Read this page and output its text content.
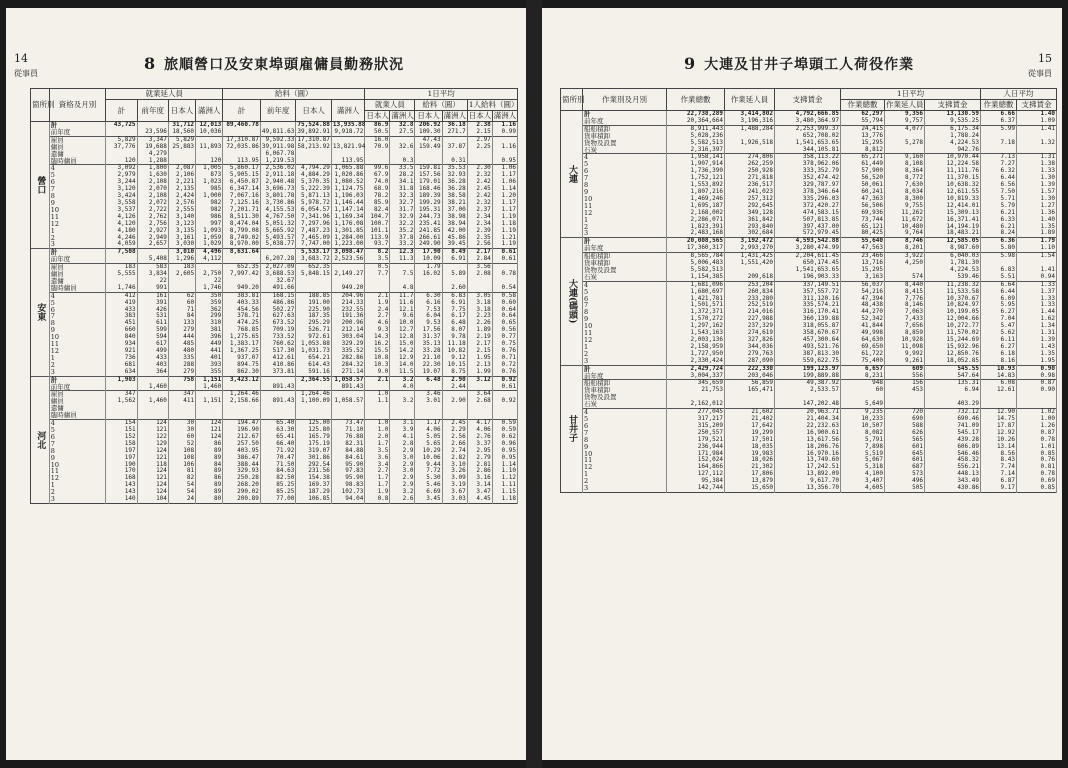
14
從事員
8 旅順營口及安東埠頭雇傭員勤務狀況
箇所別	資格及月別	就業延人員				給料（圓）				1日平均					
		計	前年度	日本人	滿洲人	計	前年度	日本人	滿洲人	就業人員		給料（圓）		1人給料（圓）	
										日本人	滿洲人	日本人	滿洲人	日本人	滿洲人
營口	計	43,725		31,712	12,013	89,460.78		75,524.88	13,935.88	86.9	32.8	206.92	36.18	2.38	1.16
	前年度		23,596	18,560	10,036		49,811.63	39,892.91	9,918.72	50.5	27.5	109.30	271.7	2.15	0.99
	雇員	5,829	3,347	5,829		17,310.87	9,592.33	17,310.87		16.0		47.43		2.97	
	傭員	37,776	19,688	25,883	11,893	72,035.86	39,911.98	58,213.92	13,821.94	70.9	32.6	159.49	37.87	2.25	1.16
	遣傭		4,279				6,067.78								
	臨時傭員	120	1,288		120	113.95	1,219.53		113.95		0.3		0.31		0.95
	4	3,092	1,800	2,087	1,005	5,860.17	2,536.02	4,794.29	1,065.88	99.6	33.5	159.81	35.53	2.30	1.06
	5	2,979	1,630	2,106	873	5,905.15	2,911.18	4,884.29	1,020.86	67.9	28.2	157.56	32.93	2.32	1.17
	6	3,244	2,108	2,221	1,023	6,450.87	2,940.48	5,370.35	1,080.52	74.0	34.1	179.01	36.28	2.42	1.06
	7	3,120	2,070	2,135	985	6,347.14	3,696.73	5,222.39	1,124.75	68.9	31.8	168.46	36.28	2.45	1.14
	8	3,424	2,108	2,424	1,000	7,067.16	3,801.78	5,871.13	1,196.03	78.2	32.3	189.39	38.58	2.42	1.20
	9	3,558	2,072	2,576	982	7,125.16	3,730.86	5,978.72	1,146.44	85.9	32.7	199.29	38.21	2.32	1.17
	10	3,537	2,722	2,555	982	7,201.71	4,155.53	6,054.57	1,147.14	82.4	31.7	195.31	37.00	2.37	1.17
	11	4,126	2,762	3,140	986	8,511.30	4,767.50	7,341.96	1,169.34	104.7	32.9	244.73	38.98	2.34	1.19
	12	4,120	2,756	3,123	997	8,474.04	5,051.32	7,297.96	1,176.08	100.7	32.2	235.41	38.94	2.34	1.18
	1	4,180	2,927	3,135	1,093	8,799.08	5,665.92	7,487.23	1,301.85	101.1	35.2	241.85	42.00	2.39	1.19
	2	4,246	2,949	3,161	1,059	8,749.02	5,493.57	7,465.09	1,284.00	113.9	37.8	266.61	45.86	2.35	1.21
	3	4,059	2,657	3,030	1,029	8,970.00	5,038.77	7,747.00	1,223.00	93.7	33.2	249.90	39.45	2.56	1.19
安東	計	7,508		3,010	4,496	8,631.64		5,533.17	3,098.47	8.2	12.3	17.90	8.49	2.17	0.61
	前年度		5,408	1,296	4,112		6,207.28	3,683.72	2,523.56	3.5	11.3	10.09	6.91	2.84	0.61
	雇員	183	583	183		652.35	2,027.09	652.35		0.5		1.79		3.56	
	傭員	5,555	3,834	2,605	2,750	7,997.42	3,688.53	5,848.15	2,149.27	7.7	7.5	16.02	5.89	2.08	0.78
	遣傭		22		22		32.67								
	臨時傭員	1,746	991		1,746	949.20	491.66		949.20		4.8		2.60		0.54
	4	412	161	62	350	383.81	168.15	188.85	204.96	2.1	11.7	6.30	6.83	3.05	0.58
	5	419	391	60	359	403.33	486.86	191.00	214.33	1.9	11.6	6.16	6.91	3.18	0.60
	6	433	426	71	362	454.56	502.27	225.90	232.55	2.4	12.1	7.53	7.75	3.18	0.64
	7	383	531	84	299	378.71	627.63	187.35	191.36	2.7	9.6	6.04	6.17	2.23	0.64
	8	451	611	133	310	474.25	673.52	295.29	200.96	4.6	10.0	9.53	6.48	2.26	0.65
	9	660	599	279	381	768.85	709.19	526.71	212.14	9.3	12.7	17.56	8.07	1.89	0.56
	10	840	594	444	396	1,275.65	733.52	972.61	303.04	14.3	12.8	31.37	9.78	2.19	0.77
	11	934	617	485	449	1,383.17	760.62	1,053.88	329.29	16.2	15.0	35.13	11.18	2.17	0.75
	12	921	499	480	441	1,367.25	517.30	1,031.73	335.52	15.5	14.2	33.28	10.82	2.15	0.76
	1	736	433	335	401	937.07	412.61	654.21	282.86	10.8	12.9	21.10	9.12	1.95	0.71
	2	681	403	288	393	894.75	410.86	614.43	284.32	10.3	14.0	22.30	10.15	2.13	0.72
	3	634	364	279	355	862.30	373.81	591.16	271.14	9.0	11.5	19.07	8.75	1.99	0.76
河北	計	1,903		758	1,151	3,423.12		2,364.55	1,058.57	2.1	3.2	6.48	2.90	3.12	0.92
	前年度		1,460		1,460		891.43		891.43		4.0		2.44		0.61
	雇員	347		347		1,264.46		1,264.46		1.0		3.46		3.64	
	傭員	1,562	1,460	411	1,151	2,158.66	891.43	1,100.09	1,058.57	1.1	3.2	3.01	2.90	2.68	0.92
	遣傭														
	臨時傭員														
	4	154	124	30	124	194.47	65.40	125.00	73.47	1.0	3.1	1.17	2.45	4.17	0.59
	5	151	121	30	121	196.90	63.30	125.80	71.10	1.0	3.9	4.06	2.29	4.06	0.59
	6	152	122	60	124	212.67	65.41	165.79	76.88	2.0	4.1	5.05	2.56	2.76	0.62
	7	158	129	52	86	257.50	66.40	175.19	82.31	1.7	2.8	5.65	2.66	3.37	0.96
	8	197	124	108	89	403.95	71.92	319.07	84.88	3.5	2.9	10.29	2.74	2.95	0.95
	9	197	121	108	89	386.47	70.47	301.86	84.61	3.6	3.0	10.06	2.82	2.79	0.95
	10	190	118	106	84	388.44	71.50	292.54	95.90	3.4	2.9	9.44	3.10	2.81	1.14
	11	170	124	81	89	329.93	84.63	231.56	97.83	2.7	3.0	7.72	3.26	2.86	1.10
	12	168	121	82	86	250.28	82.50	154.38	95.90	1.7	2.9	5.30	3.09	3.16	1.12
	1	143	124	54	89	268.20	85.25	169.37	98.83	1.7	2.9	5.46	3.19	3.14	1.11
	2	143	124	54	89	290.02	85.25	187.29	102.73	1.9	3.2	6.69	3.67	3.47	1.15
	3	140	104	24	80	200.89	77.00	106.85	94.04	0.8	2.6	3.45	3.03	4.45	1.18
15
從事員
9 大連及甘井子埠頭工人荷役作業
箇所別	作業別及月別	作業總數	作業延人員	支拂賃金	1日平均			人日平均	
					作業總數	作業延人員	支拂賃金	作業總數	支拂賃金
大連	計	22,738,289	3,414,802	4,792,666.85	62,297	9,356	13,130.59	6.66	1.40
	前年度	20,364,664	3,196,316	3,480,364.97	55,794	9,757	9,535.25	6.37	1.09
	船舶積卸	8,911,443	1,488,284	2,253,999.37	24,415	4,077	6,175.34	5.99	1.41
	貨車積卸	5,028,236		652,708.02	13,776		1,788.24		
	貨物及設置	5,582,513	1,926,518	1,541,653.65	15,295	5,278	4,224.53	7.18	1.32
	石炭	2,316,397		344,105.81	8,812		942.76		
	4	1,958,141	274,806	358,113.22	65,271	9,160	10,970.44	7.13	1.31
	5	1,907,914	262,259	378,962.06	61,449	8,108	12,224.58	7.27	1.38
	6	1,736,390	250,928	333,352.79	57,900	8,364	11,111.76	6.32	1.33
	7	1,752,121	271,818	352,474.42	56,520	8,772	11,370.15	6.44	1.30
	8	1,553,892	236,517	329,787.97	50,061	7,630	10,638.32	6.56	1.39
	9	1,807,216	241,023	378,346.64	60,241	8,034	12,611.55	7.50	1.57
	10	1,469,246	257,312	335,296.03	47,363	8,300	10,819.33	5.71	1.30
	11	1,695,187	292,645	372,420.27	56,506	9,755	12,414.01	5.79	1.27
	12	2,168,002	349,128	474,583.15	69,936	11,262	15,309.13	6.21	1.36
	1	2,286,071	361,842	507,813.85	73,744	11,672	16,371.41	6.33	1.40
	2	1,823,391	293,840	397,437.00	65,121	10,480	14,194.19	6.21	1.35
	3	2,483,168	302,684	572,979.45	80,425	9,764	18,483.21	8.24	1.89
大連(碼頭)	計	20,008,565	3,192,472	4,593,542.88	55,640	8,746	12,585.05	6.36	1.79
	前年度	17,360,317	2,993,270	3,280,474.99	47,563	8,201	8,987.60	5.80	1.10
	船舶積卸	8,565,784	1,431,425	2,204,611.45	23,466	3,922	6,040.03	5.98	1.54
	貨車積卸	5,006,483	1,551,420	650,174.45	13,716	4,250	1,781.30		
	貨物及設置	5,582,513		1,541,653.65	15,295		4,224.53	6.83	1.41
	石炭	1,154,385	209,618	196,903.33	3,163	574	539.46	5.51	0.94
	4	1,681,096	253,204	337,149.51	56,037	8,440	11,238.32	6.64	1.33
	5	1,680,697	260,834	357,557.72	54,216	8,415	11,533.58	6.44	1.37
	6	1,421,781	233,280	311,120.16	47,394	7,776	10,370.67	6.09	1.33
	7	1,501,571	252,519	335,574.21	48,438	8,146	10,824.97	5.95	1.33
	8	1,372,371	214,016	316,170.41	44,270	7,063	10,199.05	6.27	1.44
	9	1,570,272	227,988	360,139.88	52,342	7,433	12,004.66	7.04	1.62
	10	1,297,162	237,329	318,055.87	41,844	7,656	10,272.77	5.47	1.34
	11	1,543,163	274,619	358,670.67	49,998	8,859	11,570.02	5.62	1.31
	12	2,003,136	327,826	457,300.64	64,630	10,928	15,244.69	6.11	1.39
	1	2,158,959	344,036	493,521.76	69,650	11,098	15,932.96	6.27	1.43
	2	1,727,950	279,763	387,813.30	61,722	9,992	12,850.76	6.18	1.35
	3	2,330,424	287,090	559,622.75	75,400	9,261	18,052.85	8.16	1.95
甘井子	計	2,429,724	222,330	199,123.97	6,657	609	545.55	10.93	0.90
	前年度	3,004,337	203,046	199,889.88	8,231	556	547.64	14.83	0.98
	船舶積卸	345,659	56,859	49,387.92	948	156	135.31	6.08	0.87
	貨車積卸	21,753	165,471	2,533.57	60	453	6.94	12.61	0.90
	貨物及設置								
	石炭	2,162,012		147,202.48	5,649		403.29		
	4	277,045	21,602	20,963.71	9,235	720	732.12	12.90	1.02
	5	317,217	21,402	21,404.34	10,233	690	690.46	14.75	1.00
	6	315,209	17,642	22,232.63	10,507	588	741.09	17.87	1.26
	7	250,557	19,299	16,900.61	8,082	626	545.17	12.92	0.87
	8	179,521	17,501	13,617.56	5,791	565	439.28	10.26	0.78
	9	236,944	18,035	18,206.76	7,898	601	606.89	13.14	1.01
	10	171,984	19,983	16,970.16	5,519	645	546.46	8.56	0.85
	11	152,024	18,026	13,749.60	5,067	601	458.32	8.43	0.76
	12	164,866	21,302	17,242.51	5,318	687	556.21	7.74	0.81
	1	127,112	17,806	13,892.09	4,100	573	448.13	7.14	0.78
	2	95,384	13,879	9,617.70	3,407	496	343.49	6.87	0.69
	3	142,744	15,650	13,356.70	4,605	505	430.86	9.17	0.85
